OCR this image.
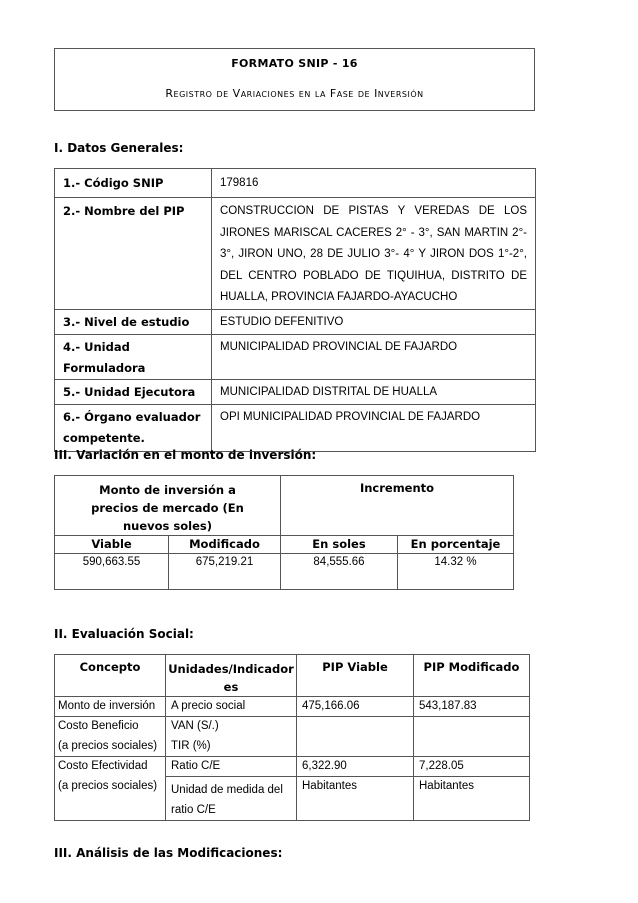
FORMATO SNIP - 16
Registro de Variaciones en la Fase de Inversión
I. Datos Generales:
1.- Código SNIP	179816
2.- Nombre del PIP	CONSTRUCCION DE PISTAS Y VEREDAS DE LOS JIRONES MARISCAL CACERES 2° - 3°, SAN MARTIN 2°- 3°, JIRON UNO, 28 DE JULIO 3°- 4° Y JIRON DOS 1°-2°, DEL CENTRO POBLADO DE TIQUIHUA, DISTRITO DE HUALLA, PROVINCIA FAJARDO-AYACUCHO
3.- Nivel de estudio	ESTUDIO DEFENITIVO
4.- Unidad Formuladora	MUNICIPALIDAD PROVINCIAL DE FAJARDO
5.- Unidad Ejecutora	MUNICIPALIDAD DISTRITAL DE HUALLA
6.- Órgano evaluador competente.	OPI MUNICIPALIDAD PROVINCIAL DE FAJARDO
III. Variación en el monto de inversión:
Monto de inversión a precios de mercado (En nuevos soles)		Incremento	
Viable	Modificado	En soles	En porcentaje
590,663.55	675,219.21	84,555.66	14.32 %
II. Evaluación Social:
Concepto	Unidades/Indicadores	PIP Viable	PIP Modificado
Monto de inversión	A precio social	475,166.06	543,187.83
Costo Beneficio	VAN (S/.)		
(a precios sociales)	TIR (%)		
Costo Efectividad	Ratio C/E	6,322.90	7,228.05
(a precios sociales)	Unidad de medida del ratio C/E	Habitantes	Habitantes
III. Análisis de las Modificaciones:
